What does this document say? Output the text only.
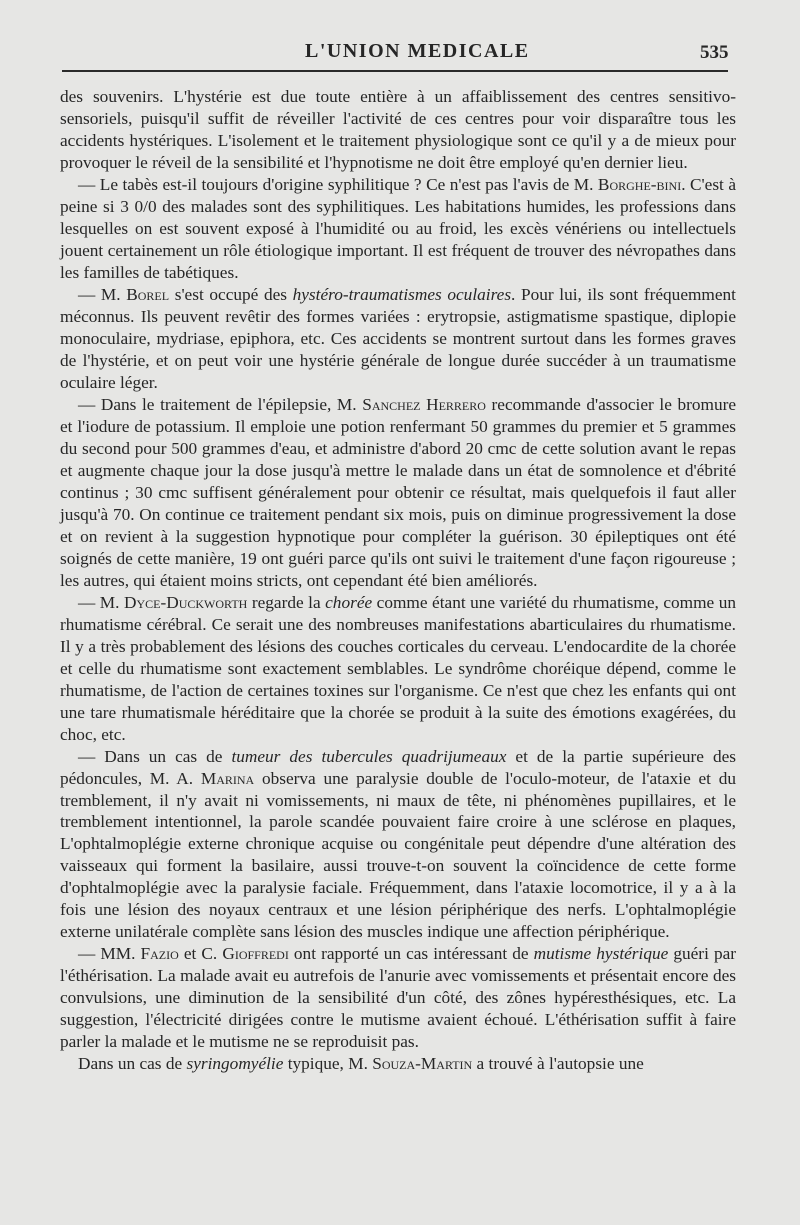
L'UNION MEDICALE	535

des souvenirs. L'hystérie est due toute entière à un affaiblissement des centres sensitivo-sensoriels, puisqu'il suffit de réveiller l'activité de ces centres pour voir disparaître tous les accidents hystériques. L'isolement et le traitement physiologique sont ce qu'il y a de mieux pour provoquer le réveil de la sensibilité et l'hypnotisme ne doit être employé qu'en dernier lieu.

— Le tabès est-il toujours d'origine syphilitique ? Ce n'est pas l'avis de M. Borghe-bini. C'est à peine si 3 0/0 des malades sont des syphilitiques. Les habitations humides, les professions dans lesquelles on est souvent exposé à l'humidité ou au froid, les excès vénériens ou intellectuels jouent certainement un rôle étiologique important. Il est fréquent de trouver des névropathes dans les familles de tabétiques.

— M. Borel s'est occupé des hystéro-traumatismes oculaires. Pour lui, ils sont fréquemment méconnus. Ils peuvent revêtir des formes variées : erytropsie, astigmatisme spastique, diplopie monoculaire, mydriase, epiphora, etc. Ces accidents se montrent surtout dans les formes graves de l'hystérie, et on peut voir une hystérie générale de longue durée succéder à un traumatisme oculaire léger.

— Dans le traitement de l'épilepsie, M. Sanchez Herrero recommande d'associer le bromure et l'iodure de potassium. Il emploie une potion renfermant 50 grammes du premier et 5 grammes du second pour 500 grammes d'eau, et administre d'abord 20 cmc de cette solution avant le repas et augmente chaque jour la dose jusqu'à mettre le malade dans un état de somnolence et d'ébrité continus ; 30 cmc suffisent généralement pour obtenir ce résultat, mais quelquefois il faut aller jusqu'à 70. On continue ce traitement pendant six mois, puis on diminue progressivement la dose et on revient à la suggestion hypnotique pour compléter la guérison. 30 épileptiques ont été soignés de cette manière, 19 ont guéri parce qu'ils ont suivi le traitement d'une façon rigoureuse ; les autres, qui étaient moins stricts, ont cependant été bien améliorés.

— M. Dyce-Duckworth regarde la chorée comme étant une variété du rhumatisme, comme un rhumatisme cérébral. Ce serait une des nombreuses manifestations abarticulaires du rhumatisme. Il y a très probablement des lésions des couches corticales du cerveau. L'endocardite de la chorée et celle du rhumatisme sont exactement semblables. Le syndrôme choréique dépend, comme le rhumatisme, de l'action de certaines toxines sur l'organisme. Ce n'est que chez les enfants qui ont une tare rhumatismale héréditaire que la chorée se produit à la suite des émotions exagérées, du choc, etc.

— Dans un cas de tumeur des tubercules quadrijumeaux et de la partie supérieure des pédoncules, M. A. Marina observa une paralysie double de l'oculo-moteur, de l'ataxie et du tremblement, il n'y avait ni vomissements, ni maux de tête, ni phénomènes pupillaires, et le tremblement intentionnel, la parole scandée pouvaient faire croire à une sclérose en plaques, L'ophtalmoplégie externe chronique acquise ou congénitale peut dépendre d'une altération des vaisseaux qui forment la basilaire, aussi trouve-t-on souvent la coïncidence de cette forme d'ophtalmoplégie avec la paralysie faciale. Fréquemment, dans l'ataxie locomotrice, il y a à la fois une lésion des noyaux centraux et une lésion périphérique des nerfs. L'ophtalmoplégie externe unilatérale complète sans lésion des muscles indique une affection périphérique.

— MM. Fazio et C. Gioffredi ont rapporté un cas intéressant de mutisme hystérique guéri par l'éthérisation. La malade avait eu autrefois de l'anurie avec vomissements et présentait encore des convulsions, une diminution de la sensibilité d'un côté, des zônes hypéresthésiques, etc. La suggestion, l'électricité dirigées contre le mutisme avaient échoué. L'éthérisation suffit à faire parler la malade et le mutisme ne se reproduisit pas.

Dans un cas de syringomyélie typique, M. Souza-Martin a trouvé à l'autopsie une
